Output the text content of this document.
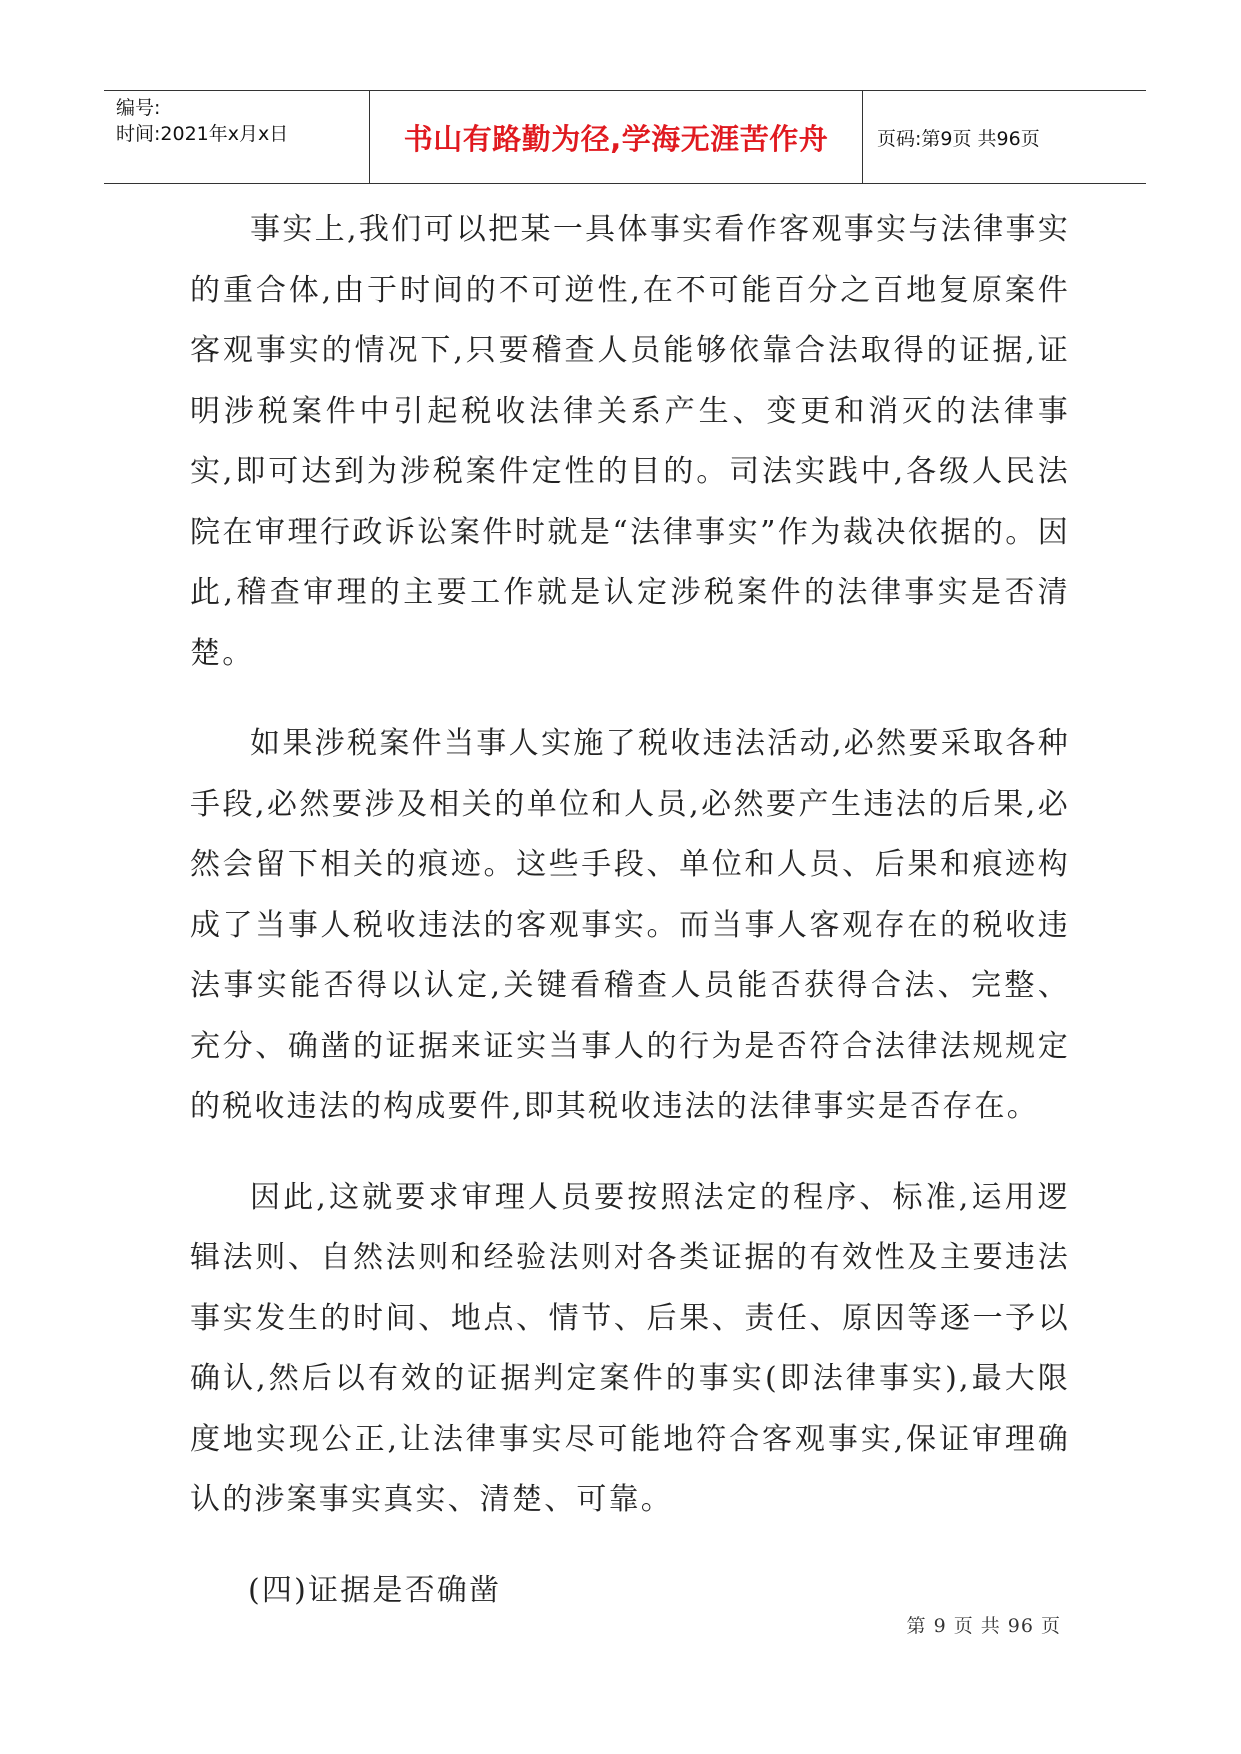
编号:
时间:2021年x月x日	书山有路勤为径,学海无涯苦作舟	页码:第9页 共96页

事实上,我们可以把某一具体事实看作客观事实与法律事实的重合体,由于时间的不可逆性,在不可能百分之百地复原案件客观事实的情况下,只要稽查人员能够依靠合法取得的证据,证明涉税案件中引起税收法律关系产生、变更和消灭的法律事实,即可达到为涉税案件定性的目的。司法实践中,各级人民法院在审理行政诉讼案件时就是“法律事实”作为裁决依据的。因此,稽查审理的主要工作就是认定涉税案件的法律事实是否清楚。

如果涉税案件当事人实施了税收违法活动,必然要采取各种手段,必然要涉及相关的单位和人员,必然要产生违法的后果,必然会留下相关的痕迹。这些手段、单位和人员、后果和痕迹构成了当事人税收违法的客观事实。而当事人客观存在的税收违法事实能否得以认定,关键看稽查人员能否获得合法、完整、充分、确凿的证据来证实当事人的行为是否符合法律法规规定的税收违法的构成要件,即其税收违法的法律事实是否存在。

因此,这就要求审理人员要按照法定的程序、标准,运用逻辑法则、自然法则和经验法则对各类证据的有效性及主要违法事实发生的时间、地点、情节、后果、责任、原因等逐一予以确认,然后以有效的证据判定案件的事实(即法律事实),最大限度地实现公正,让法律事实尽可能地符合客观事实,保证审理确认的涉案事实真实、清楚、可靠。

(四)证据是否确凿

第 9 页 共 96 页
